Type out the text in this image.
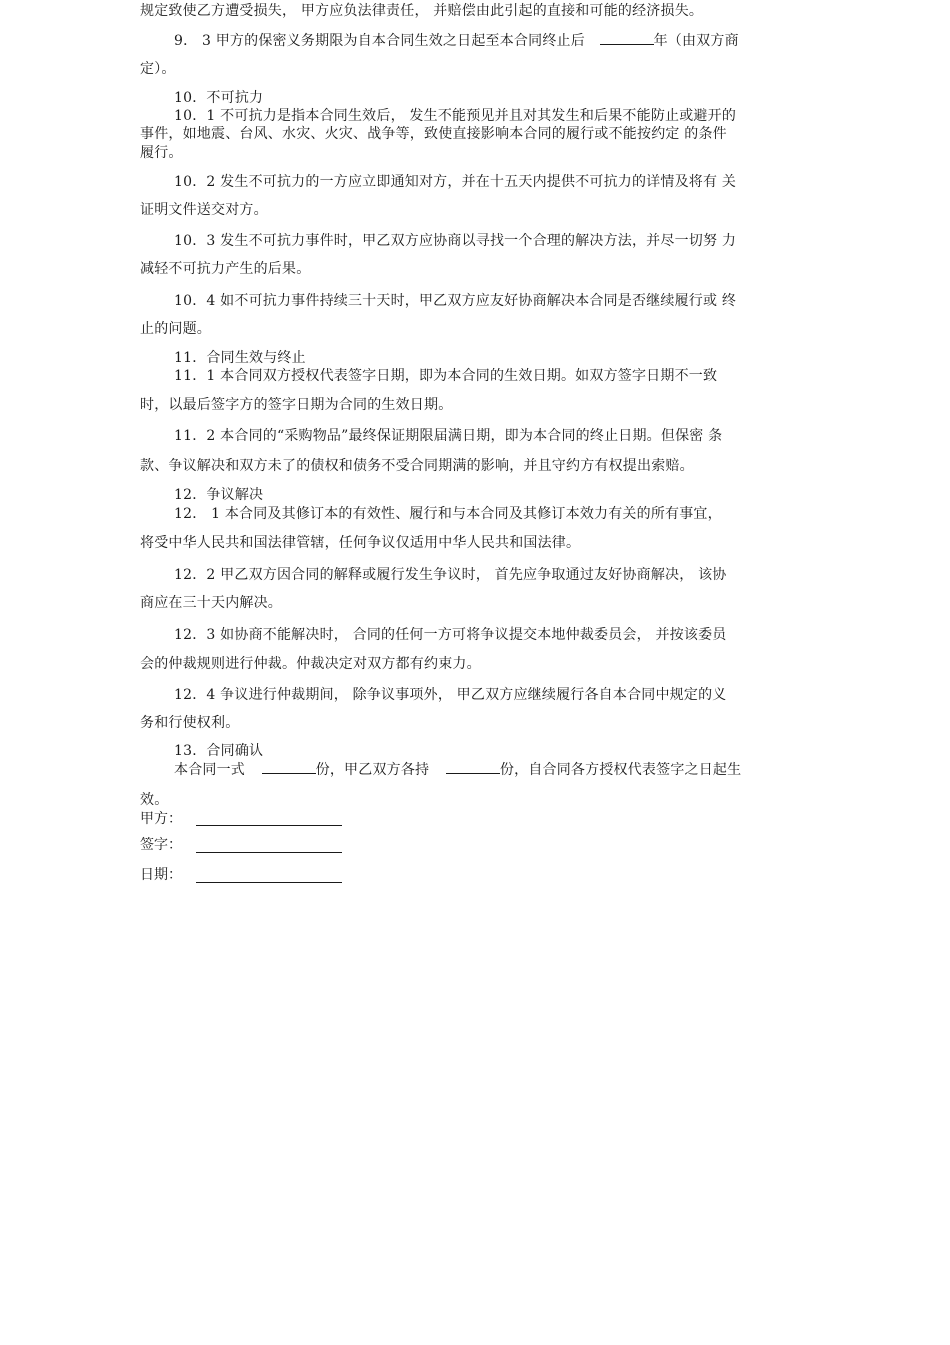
规定致使乙方遭受损失， 甲方应负法律责任， 并赔偿由此引起的直接和可能的经济损失。
9． 3 甲方的保密义务期限为自本合同生效之日起至本合同终止后	年（由双方商
定）。
10．不可抗力
10．1 不可抗力是指本合同生效后， 发生不能预见并且对其发生和后果不能防止或避开的
事件，如地震、台风、水灾、火灾、战争等，致使直接影响本合同的履行或不能按约定 的条件
履行。
10．2 发生不可抗力的一方应立即通知对方，并在十五天内提供不可抗力的详情及将有 关
证明文件送交对方。
10．3 发生不可抗力事件时，甲乙双方应协商以寻找一个合理的解决方法，并尽一切努 力
减轻不可抗力产生的后果。
10．4 如不可抗力事件持续三十天时，甲乙双方应友好协商解决本合同是否继续履行或 终
止的问题。
11．合同生效与终止
11．1 本合同双方授权代表签字日期，即为本合同的生效日期。如双方签字日期不一致
时，以最后签字方的签字日期为合同的生效日期。
11．2 本合同的“采购物品”最终保证期限届满日期，即为本合同的终止日期。但保密 条
款、争议解决和双方未了的债权和债务不受合同期满的影响，并且守约方有权提出索赔。
12．争议解决
12． 1 本合同及其修订本的有效性、履行和与本合同及其修订本效力有关的所有事宜，
将受中华人民共和国法律管辖，任何争议仅适用中华人民共和国法律。
12．2 甲乙双方因合同的解释或履行发生争议时， 首先应争取通过友好协商解决， 该协
商应在三十天内解决。
12．3 如协商不能解决时， 合同的任何一方可将争议提交本地仲裁委员会， 并按该委员
会的仲裁规则进行仲裁。仲裁决定对双方都有约束力。
12．4 争议进行仲裁期间， 除争议事项外， 甲乙双方应继续履行各自本合同中规定的义
务和行使权利。
13．合同确认
本合同一式	份，甲乙双方各持	份，自合同各方授权代表签字之日起生
效。
甲方：
签字：
日期：
